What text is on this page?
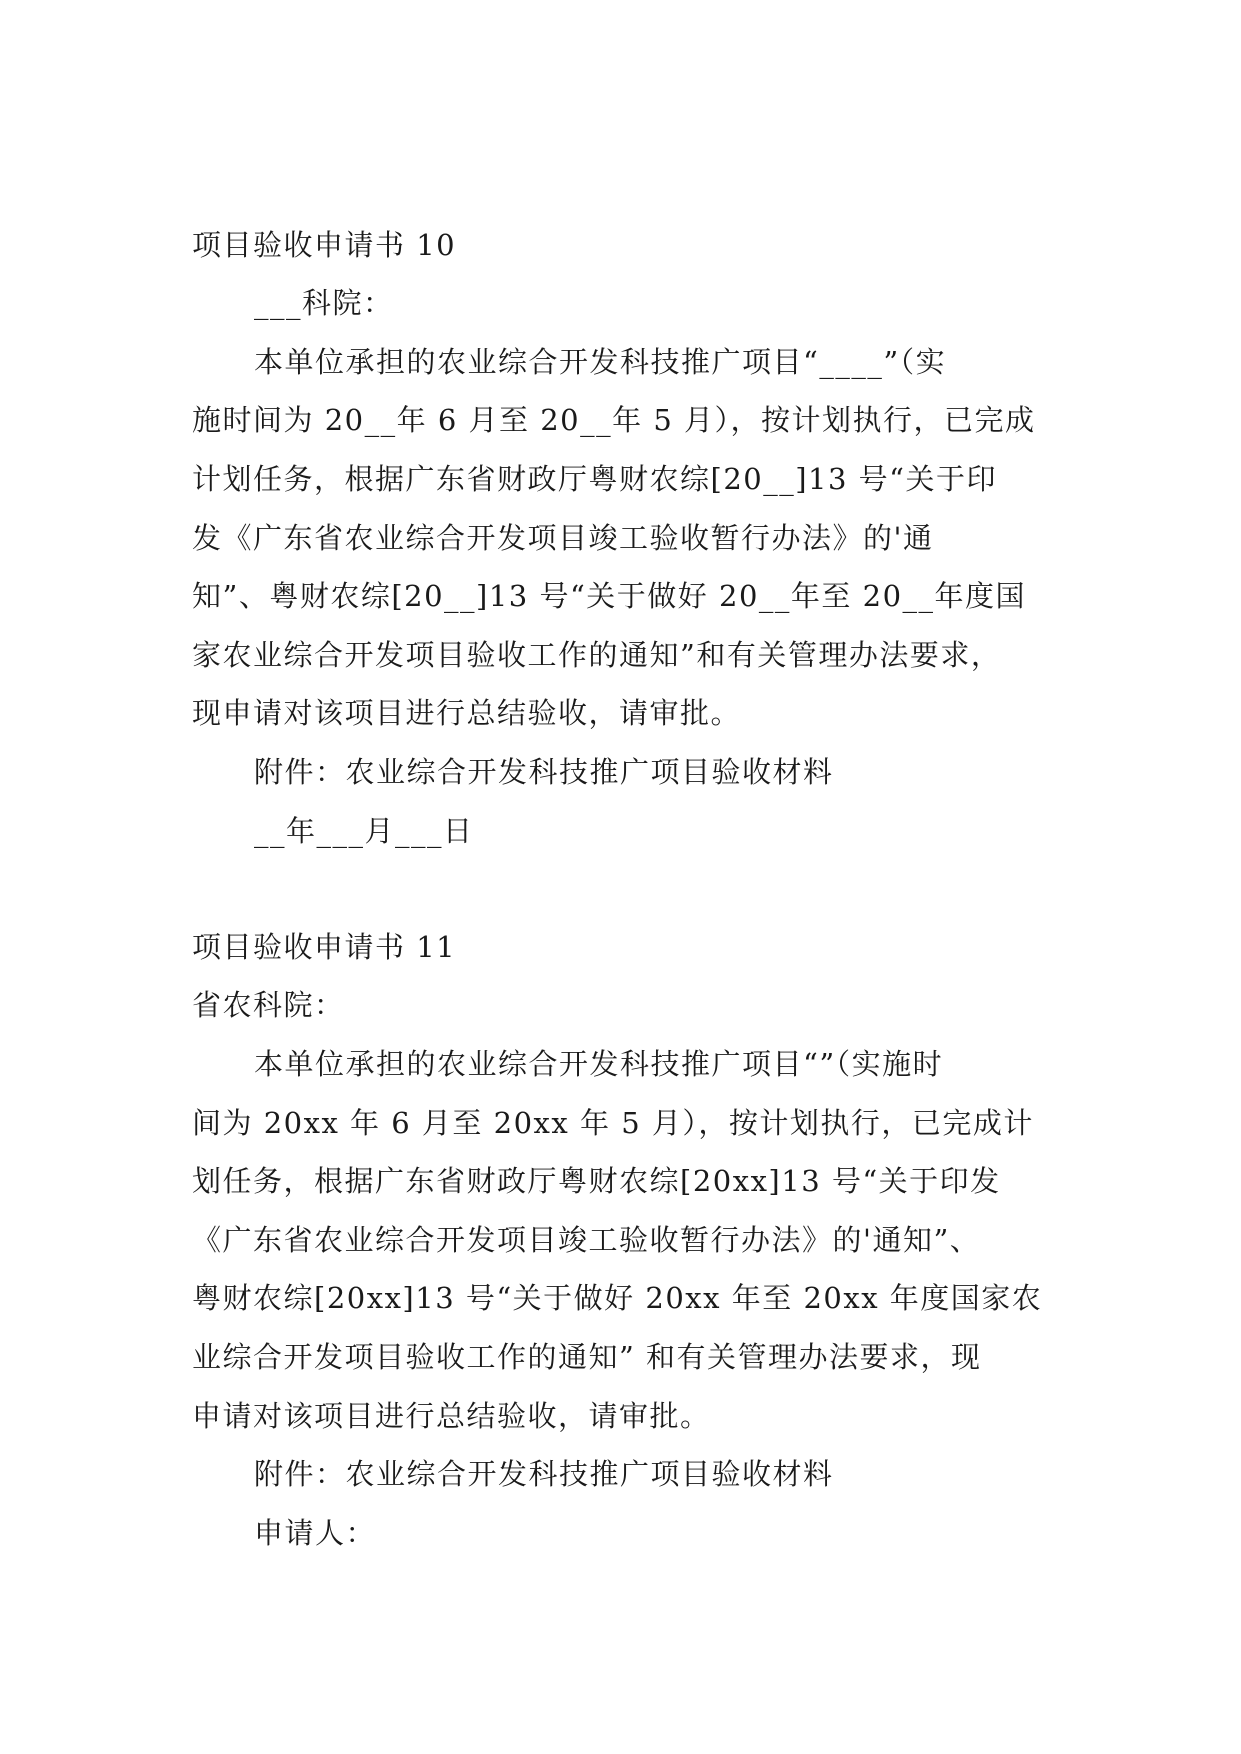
项目验收申请书 10
___科院：
本单位承担的农业综合开发科技推广项目“____”（实
施时间为 20__年 6 月至 20__年 5 月），按计划执行，已完成
计划任务，根据广东省财政厅粤财农综[20__]13 号“关于印
发《广东省农业综合开发项目竣工验收暂行办法》的'通
知”、粤财农综[20__]13 号“关于做好 20__年至 20__年度国
家农业综合开发项目验收工作的通知”和有关管理办法要求，
现申请对该项目进行总结验收，请审批。
附件：农业综合开发科技推广项目验收材料
__年___月___日
项目验收申请书 11
省农科院：
本单位承担的农业综合开发科技推广项目“”（实施时
间为 20xx 年 6 月至 20xx 年 5 月），按计划执行，已完成计
划任务，根据广东省财政厅粤财农综[20xx]13 号“关于印发
《广东省农业综合开发项目竣工验收暂行办法》的'通知”、
粤财农综[20xx]13 号“关于做好 20xx 年至 20xx 年度国家农
业综合开发项目验收工作的通知” 和有关管理办法要求，现
申请对该项目进行总结验收，请审批。
附件：农业综合开发科技推广项目验收材料
申请人：
